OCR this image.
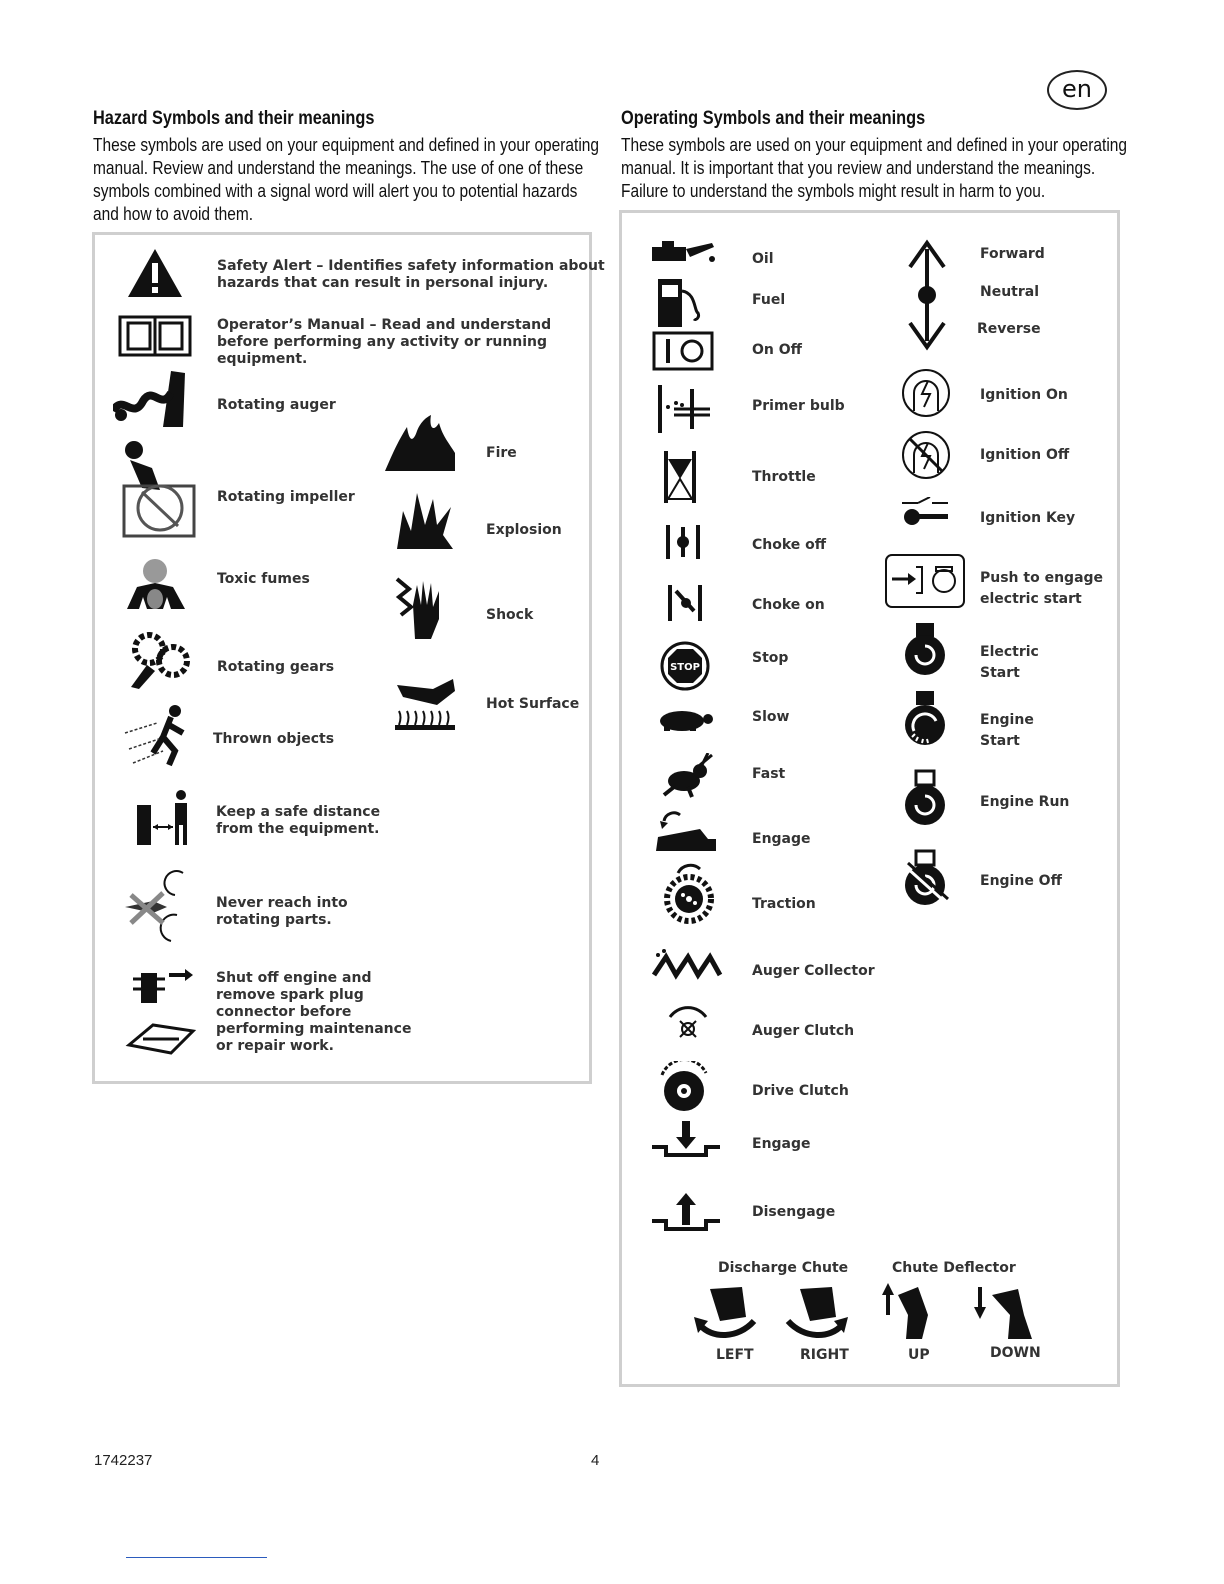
en
Hazard Symbols and their meanings
These symbols are used on your equipment and defined in your operating
manual. Review and understand the meanings. The use of one of these
symbols combined with a signal word will alert you to potential hazards
and how to avoid them.
Safety Alert – Identifies safety information about
hazards that can result in personal injury.
Operator’s Manual – Read and understand
before performing any activity or running
equipment.
Rotating auger
Rotating impeller
Toxic fumes
Rotating gears
Thrown objects
Fire
Explosion
Shock
Hot Surface
Keep a safe distance
from the equipment.
Never reach into
rotating parts.
Shut off engine and
remove spark plug
connector before
performing maintenance
or repair work.
Operating Symbols and their meanings
These symbols are used on your equipment and defined in your operating
manual. It is important that you review and understand the meanings.
Failure to understand the symbols might result in harm to you.
STOP
Oil
Fuel
On Off
Primer bulb
Throttle
Choke off
Choke on
Stop
Slow
Fast
Engage
Traction
Auger Collector
Auger Clutch
Drive Clutch
Engage
Disengage
Forward
Neutral
Reverse
Ignition On
Ignition Off
Ignition Key
Push to engage
electric start
Electric
Start
Engine
Start
Engine Run
Engine Off
Discharge Chute	Chute Deflector
LEFT	RIGHT	UP	DOWN
1742237	4
